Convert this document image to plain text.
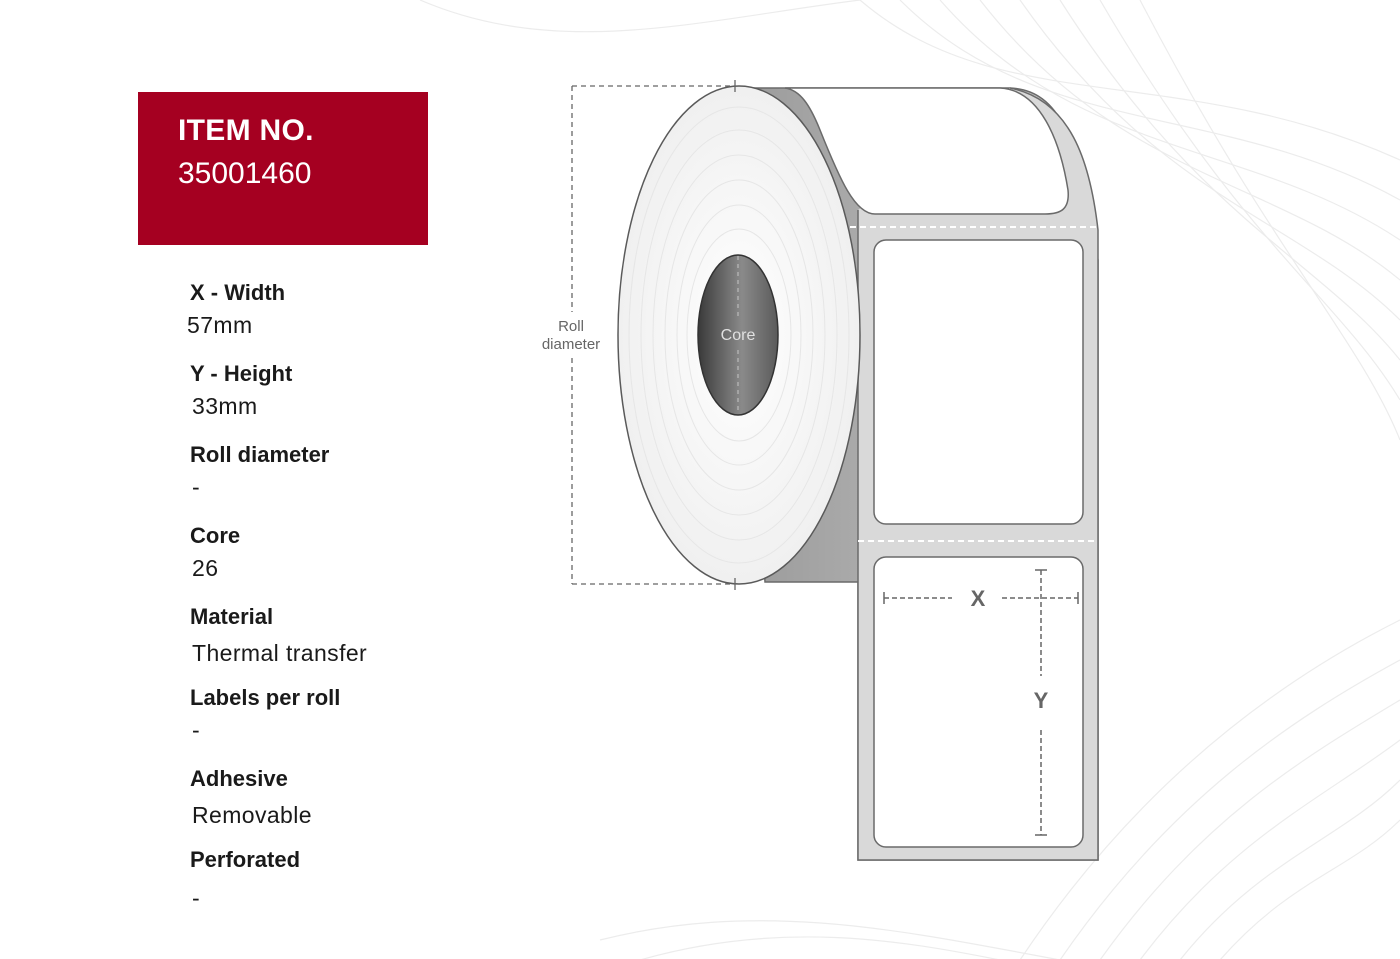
ITEM NO.
35001460
X - Width
57mm
Y - Height
33mm
Roll diameter
-
Core
26
Material
Thermal transfer
Labels per roll
-
Adhesive
Removable
Perforated
-
Core
Roll
diameter
X
Y
